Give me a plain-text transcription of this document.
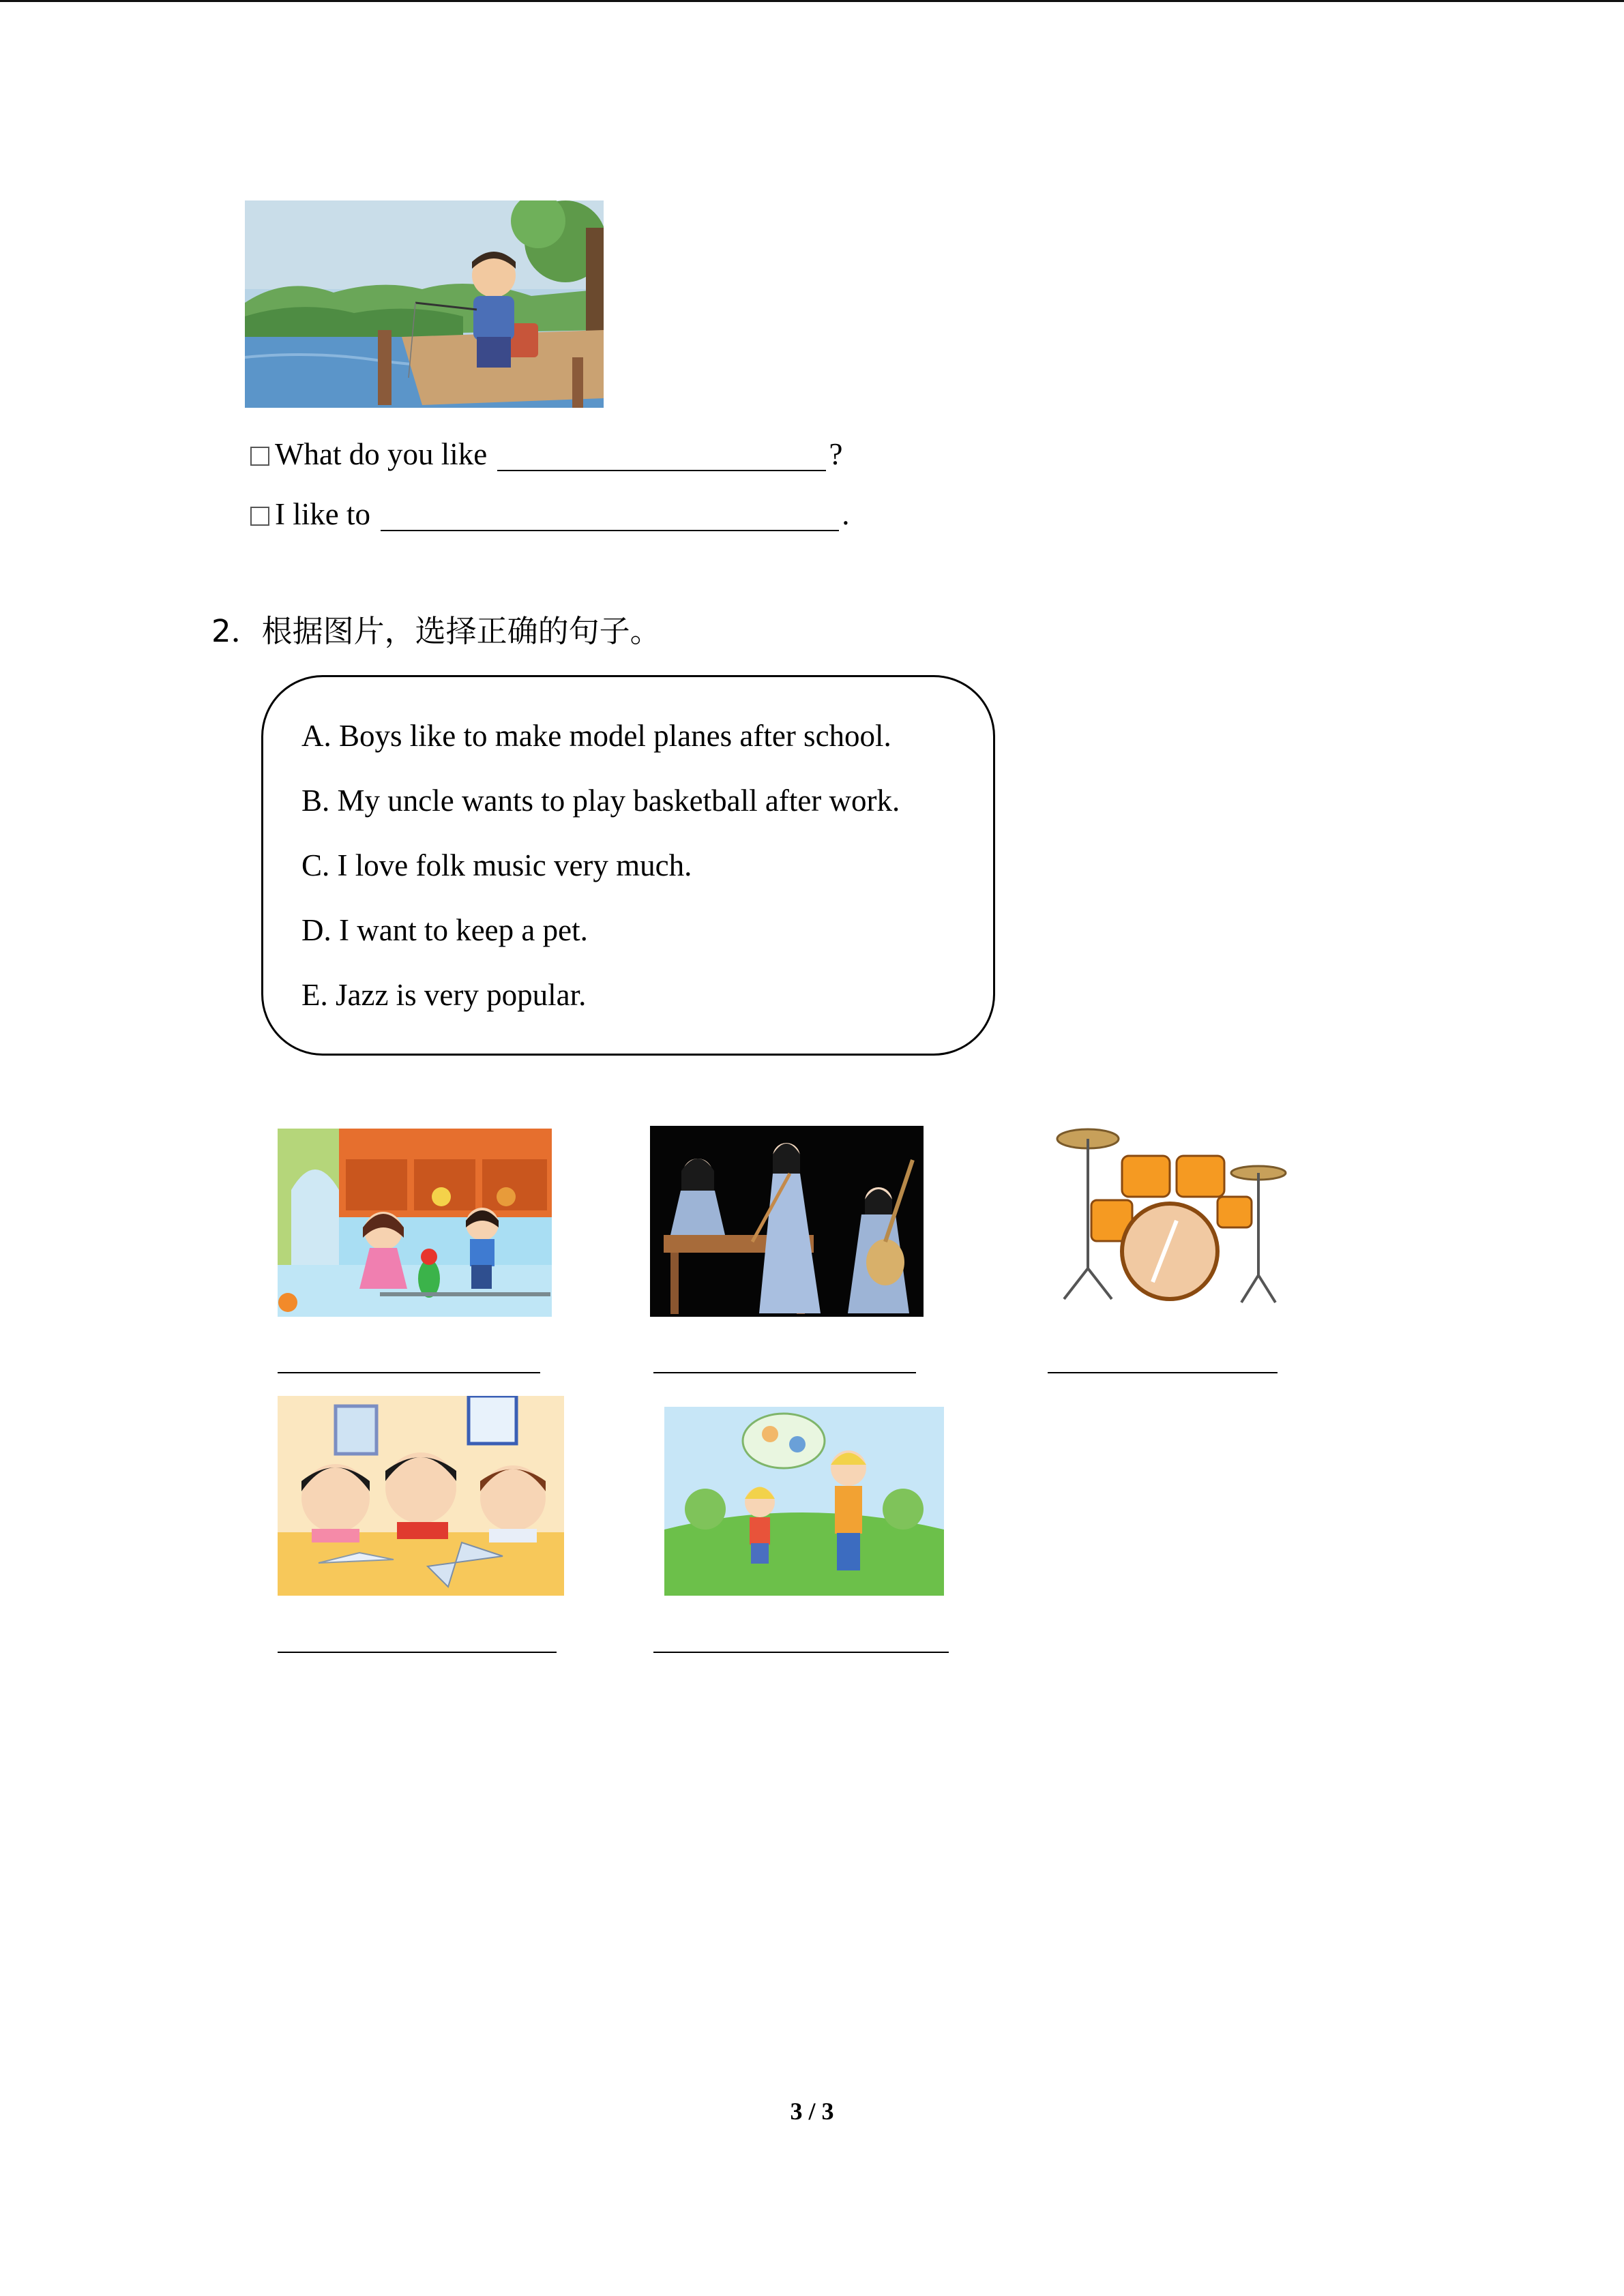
What do you like	?
I like to	.
2．根据图片，选择正确的句子。
A. Boys like to make model planes after school.
B. My uncle wants to play basketball after work.
C. I love folk music very much.
D. I want to keep a pet.
E. Jazz is very popular.
3 / 3
